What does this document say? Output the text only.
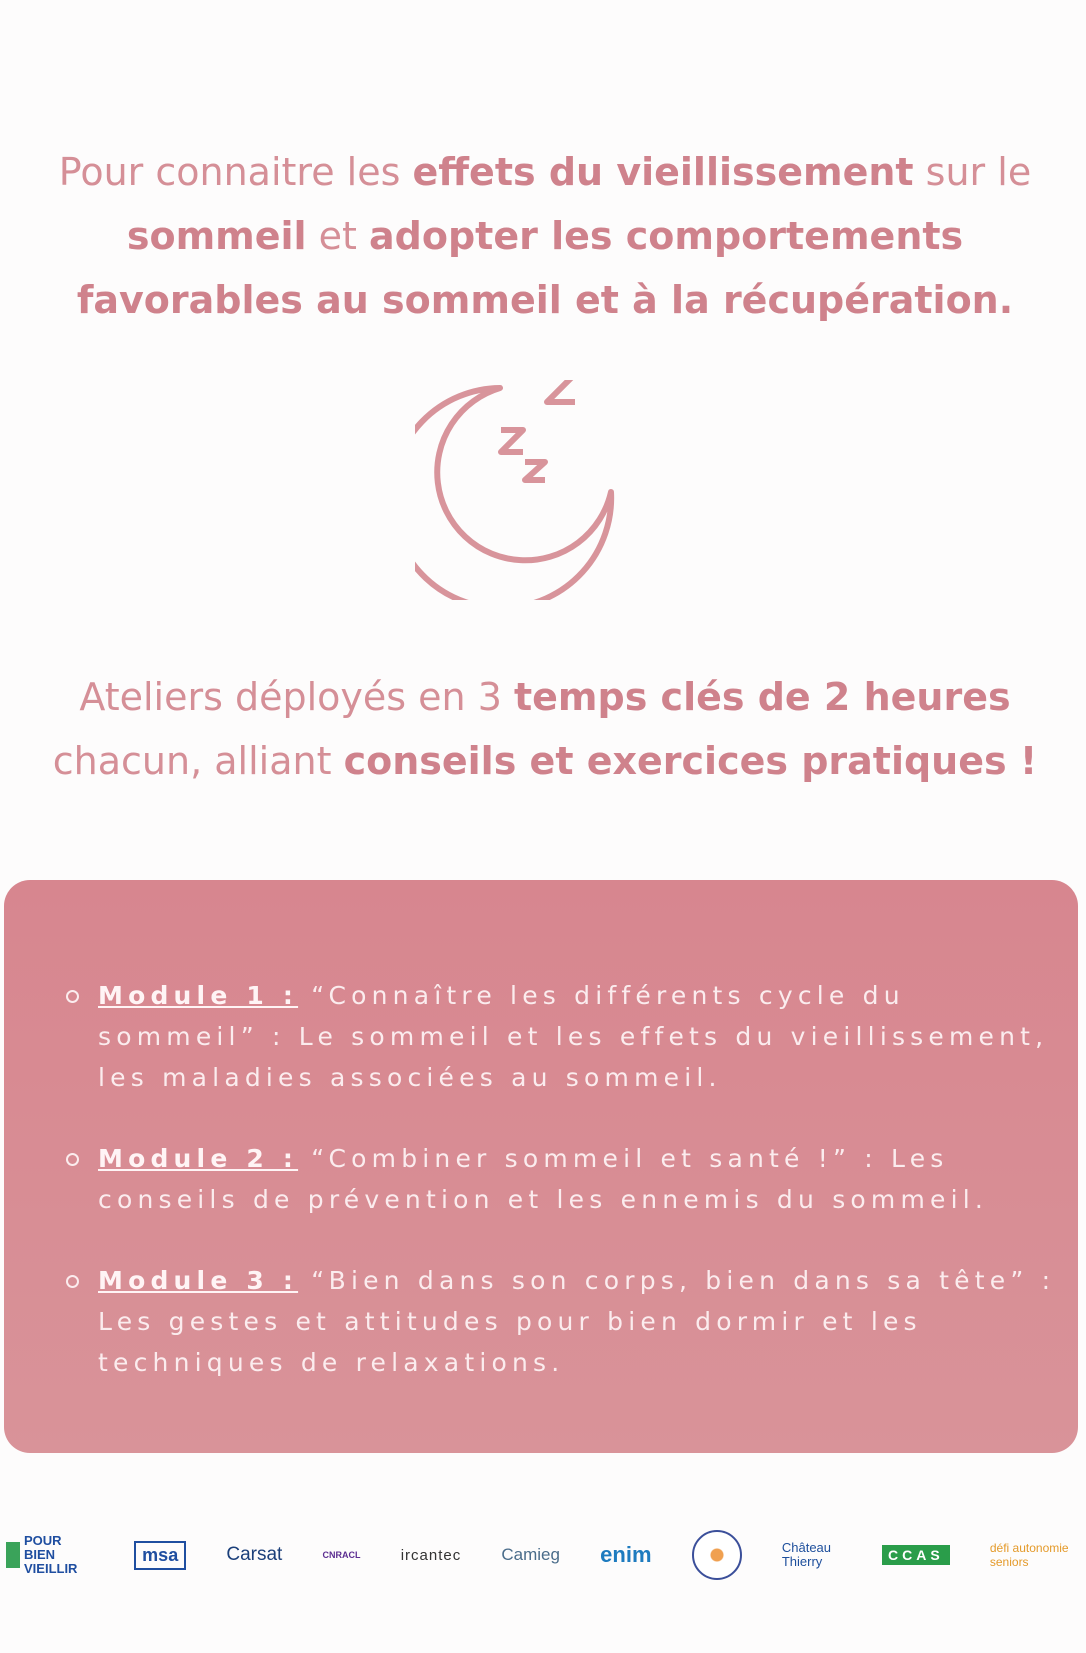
Pour connaitre les effets du vieillissement sur le sommeil et adopter les comportements favorables au sommeil et à la récupération.
Ateliers déployés en 3 temps clés de 2 heures chacun, alliant conseils et exercices pratiques !
Module 1 : “Connaître les différents cycle du sommeil” : Le sommeil et les effets du vieillissement, les maladies associées au sommeil.
Module 2 : “Combiner sommeil et santé !” : Les conseils de prévention et les ennemis du sommeil.
Module 3 : “Bien dans son corps, bien dans sa tête” : Les gestes et attitudes pour bien dormir et les techniques de relaxations.
POUR BIEN VIEILLIR
msa	Carsat	CNRACL	ircantec Camieg enim	Château Thierry	CCAS	défi autonomie seniors
